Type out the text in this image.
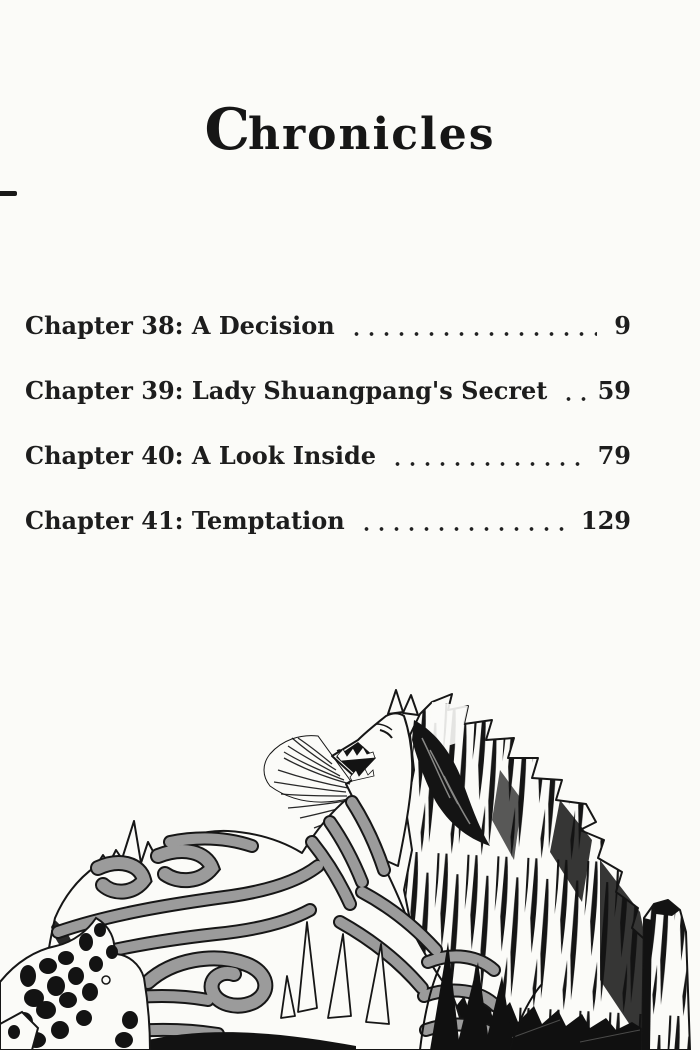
Chronicles
Chapter 38: A Decision	9
Chapter 39: Lady Shuangpang's Secret 59
Chapter 40: A Look Inside	79
Chapter 41: Temptation	129
